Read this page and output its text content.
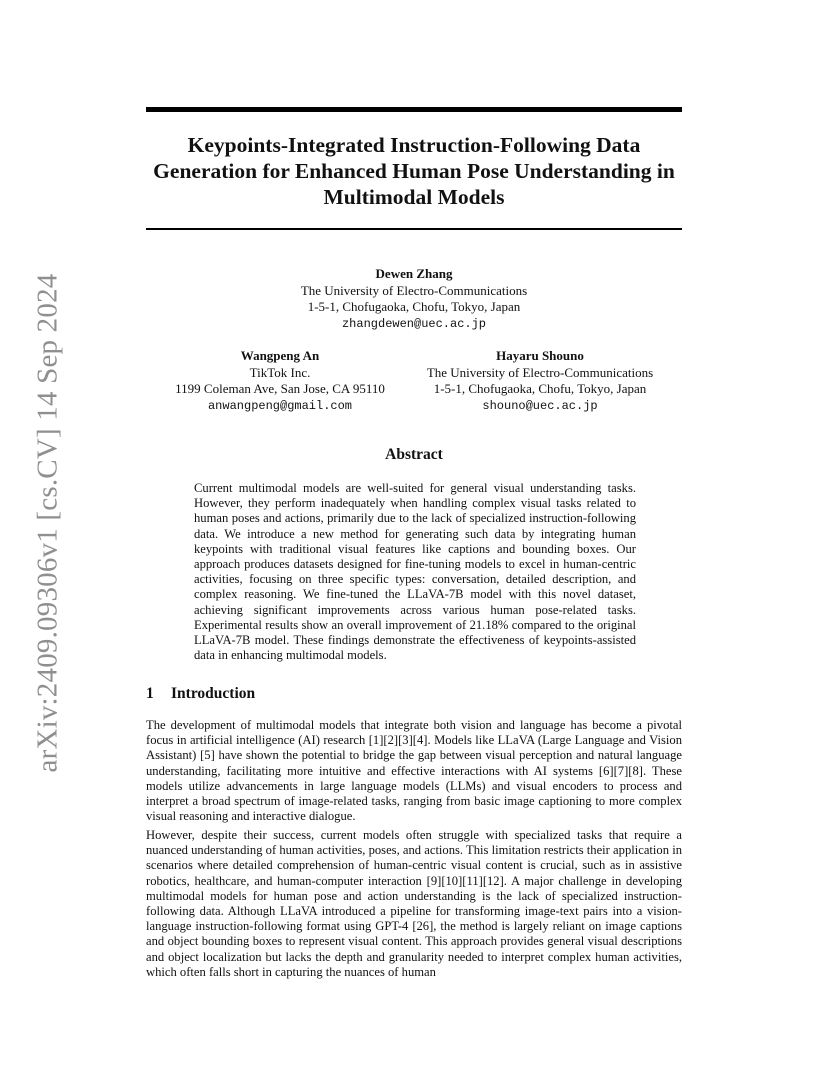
arXiv:2409.09306v1 [cs.CV] 14 Sep 2024
Keypoints-Integrated Instruction-Following Data Generation for Enhanced Human Pose Understanding in Multimodal Models
Dewen Zhang
The University of Electro-Communications
1-5-1, Chofugaoka, Chofu, Tokyo, Japan
zhangdewen@uec.ac.jp
Wangpeng An
TikTok Inc.
1199 Coleman Ave, San Jose, CA 95110
anwangpeng@gmail.com
Hayaru Shouno
The University of Electro-Communications
1-5-1, Chofugaoka, Chofu, Tokyo, Japan
shouno@uec.ac.jp
Abstract
Current multimodal models are well-suited for general visual understanding tasks. However, they perform inadequately when handling complex visual tasks related to human poses and actions, primarily due to the lack of specialized instruction-following data. We introduce a new method for generating such data by integrating human keypoints with traditional visual features like captions and bounding boxes. Our approach produces datasets designed for fine-tuning models to excel in human-centric activities, focusing on three specific types: conversation, detailed description, and complex reasoning. We fine-tuned the LLaVA-7B model with this novel dataset, achieving significant improvements across various human pose-related tasks. Experimental results show an overall improvement of 21.18% compared to the original LLaVA-7B model. These findings demonstrate the effectiveness of keypoints-assisted data in enhancing multimodal models.
1 Introduction

The development of multimodal models that integrate both vision and language has become a pivotal focus in artificial intelligence (AI) research [1][2][3][4]. Models like LLaVA (Large Language and Vision Assistant) [5] have shown the potential to bridge the gap between visual perception and natural language understanding, facilitating more intuitive and effective interactions with AI systems [6][7][8]. These models utilize advancements in large language models (LLMs) and visual encoders to process and interpret a broad spectrum of image-related tasks, ranging from basic image captioning to more complex visual reasoning and interactive dialogue.

However, despite their success, current models often struggle with specialized tasks that require a nuanced understanding of human activities, poses, and actions. This limitation restricts their application in scenarios where detailed comprehension of human-centric visual content is crucial, such as in assistive robotics, healthcare, and human-computer interaction [9][10][11][12]. A major challenge in developing multimodal models for human pose and action understanding is the lack of specialized instruction-following data. Although LLaVA introduced a pipeline for transforming image-text pairs into a vision-language instruction-following format using GPT-4 [26], the method is largely reliant on image captions and object bounding boxes to represent visual content. This approach provides general visual descriptions and object localization but lacks the depth and granularity needed to interpret complex human activities, which often falls short in capturing the nuances of human
